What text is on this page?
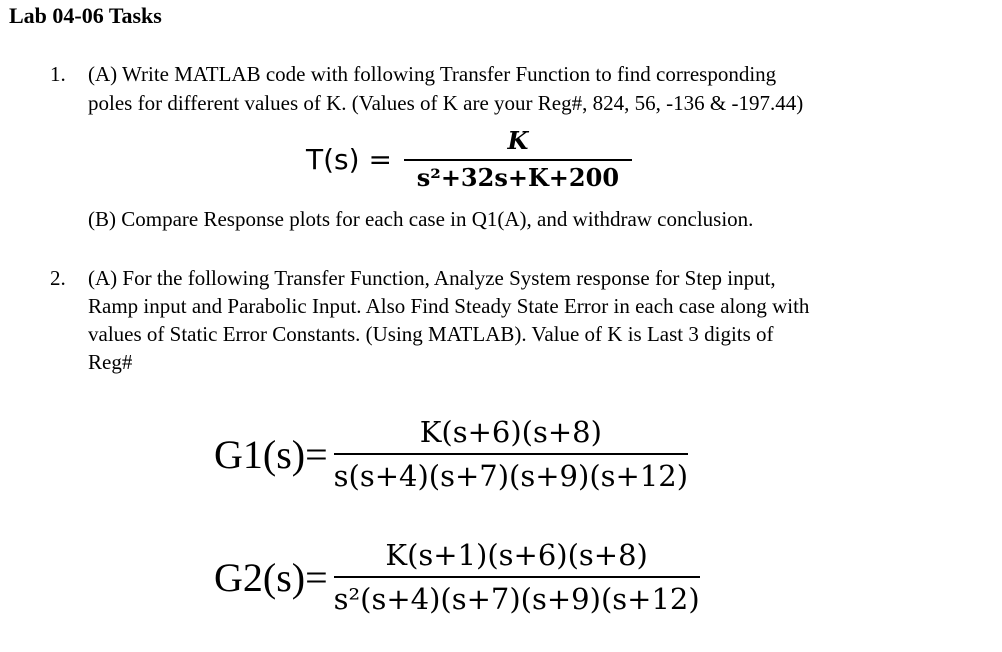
Lab 04-06 Tasks
1. (A) Write MATLAB code with following Transfer Function to find corresponding
poles for different values of K. (Values of K are your Reg#, 824, 56, -136 & -197.44)
$T(s) = \frac{K}{\text{s²+32s+K+200}}$
(B) Compare Response plots for each case in Q1(A), and withdraw conclusion.
2. (A) For the following Transfer Function, Analyze System response for Step input,
Ramp input and Parabolic Input. Also Find Steady State Error in each case along with
values of Static Error Constants. (Using MATLAB). Value of K is Last 3 digits of
Reg#
$G1(s)= \frac{K(s+6)(s+8)}{s(s+4)(s+7)(s+9)(s+12)}$
$G2(s)= \frac{K(s+1)(s+6)(s+8)}{\text{s²(s+4)(s+7)(s+9)(s+12)}}$
